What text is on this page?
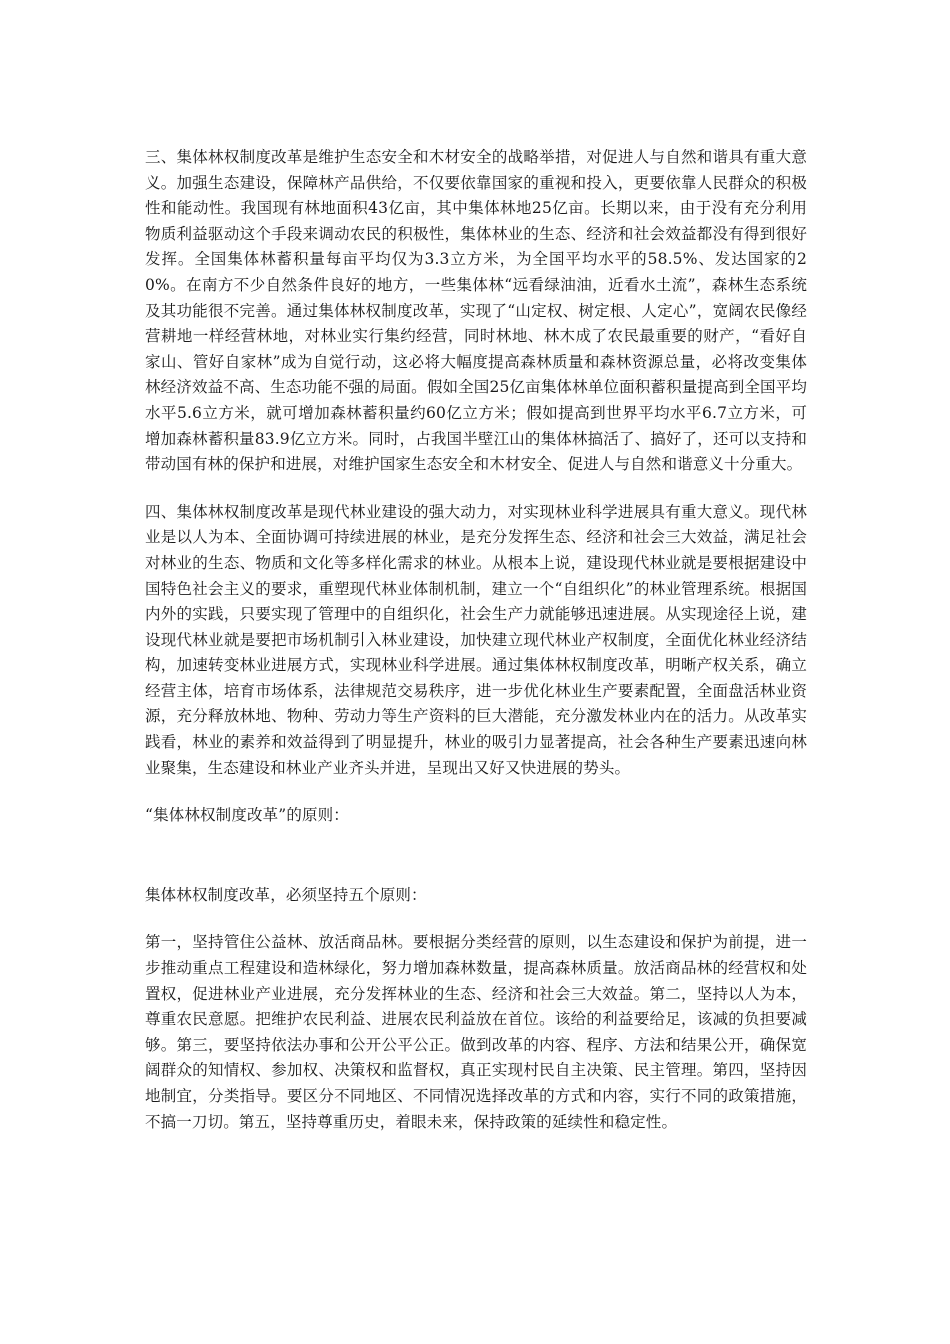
三、集体林权制度改革是维护生态安全和木材安全的战略举措，对促进人与自然和谐具有重大意义。加强生态建设，保障林产品供给，不仅要依靠国家的重视和投入，更要依靠人民群众的积极性和能动性。我国现有林地面积43亿亩，其中集体林地25亿亩。长期以来，由于没有充分利用物质利益驱动这个手段来调动农民的积极性，集体林业的生态、经济和社会效益都没有得到很好发挥。全国集体林蓄积量每亩平均仅为3.3立方米，为全国平均水平的58.5%、发达国家的20%。在南方不少自然条件良好的地方，一些集体林“远看绿油油，近看水土流”，森林生态系统及其功能很不完善。通过集体林权制度改革，实现了“山定权、树定根、人定心”，宽阔农民像经营耕地一样经营林地，对林业实行集约经营，同时林地、林木成了农民最重要的财产，“看好自家山、管好自家林”成为自觉行动，这必将大幅度提高森林质量和森林资源总量，必将改变集体林经济效益不高、生态功能不强的局面。假如全国25亿亩集体林单位面积蓄积量提高到全国平均水平5.6立方米，就可增加森林蓄积量约60亿立方米；假如提高到世界平均水平6.7立方米，可增加森林蓄积量83.9亿立方米。同时，占我国半壁江山的集体林搞活了、搞好了，还可以支持和带动国有林的保护和进展，对维护国家生态安全和木材安全、促进人与自然和谐意义十分重大。

四、集体林权制度改革是现代林业建设的强大动力，对实现林业科学进展具有重大意义。现代林业是以人为本、全面协调可持续进展的林业，是充分发挥生态、经济和社会三大效益，满足社会对林业的生态、物质和文化等多样化需求的林业。从根本上说，建设现代林业就是要根据建设中国特色社会主义的要求，重塑现代林业体制机制，建立一个“自组织化”的林业管理系统。根据国内外的实践，只要实现了管理中的自组织化，社会生产力就能够迅速进展。从实现途径上说，建设现代林业就是要把市场机制引入林业建设，加快建立现代林业产权制度，全面优化林业经济结构，加速转变林业进展方式，实现林业科学进展。通过集体林权制度改革，明晰产权关系，确立经营主体，培育市场体系，法律规范交易秩序，进一步优化林业生产要素配置，全面盘活林业资源，充分释放林地、物种、劳动力等生产资料的巨大潜能，充分激发林业内在的活力。从改革实践看，林业的素养和效益得到了明显提升，林业的吸引力显著提高，社会各种生产要素迅速向林业聚集，生态建设和林业产业齐头并进，呈现出又好又快进展的势头。

“集体林权制度改革”的原则：

集体林权制度改革，必须坚持五个原则：

第一，坚持管住公益林、放活商品林。要根据分类经营的原则，以生态建设和保护为前提，进一步推动重点工程建设和造林绿化，努力增加森林数量，提高森林质量。放活商品林的经营权和处置权，促进林业产业进展，充分发挥林业的生态、经济和社会三大效益。第二，坚持以人为本，尊重农民意愿。把维护农民利益、进展农民利益放在首位。该给的利益要给足，该减的负担要减够。第三，要坚持依法办事和公开公平公正。做到改革的内容、程序、方法和结果公开，确保宽阔群众的知情权、参加权、决策权和监督权，真正实现村民自主决策、民主管理。第四，坚持因地制宜，分类指导。要区分不同地区、不同情况选择改革的方式和内容，实行不同的政策措施，不搞一刀切。第五，坚持尊重历史，着眼未来，保持政策的延续性和稳定性。
